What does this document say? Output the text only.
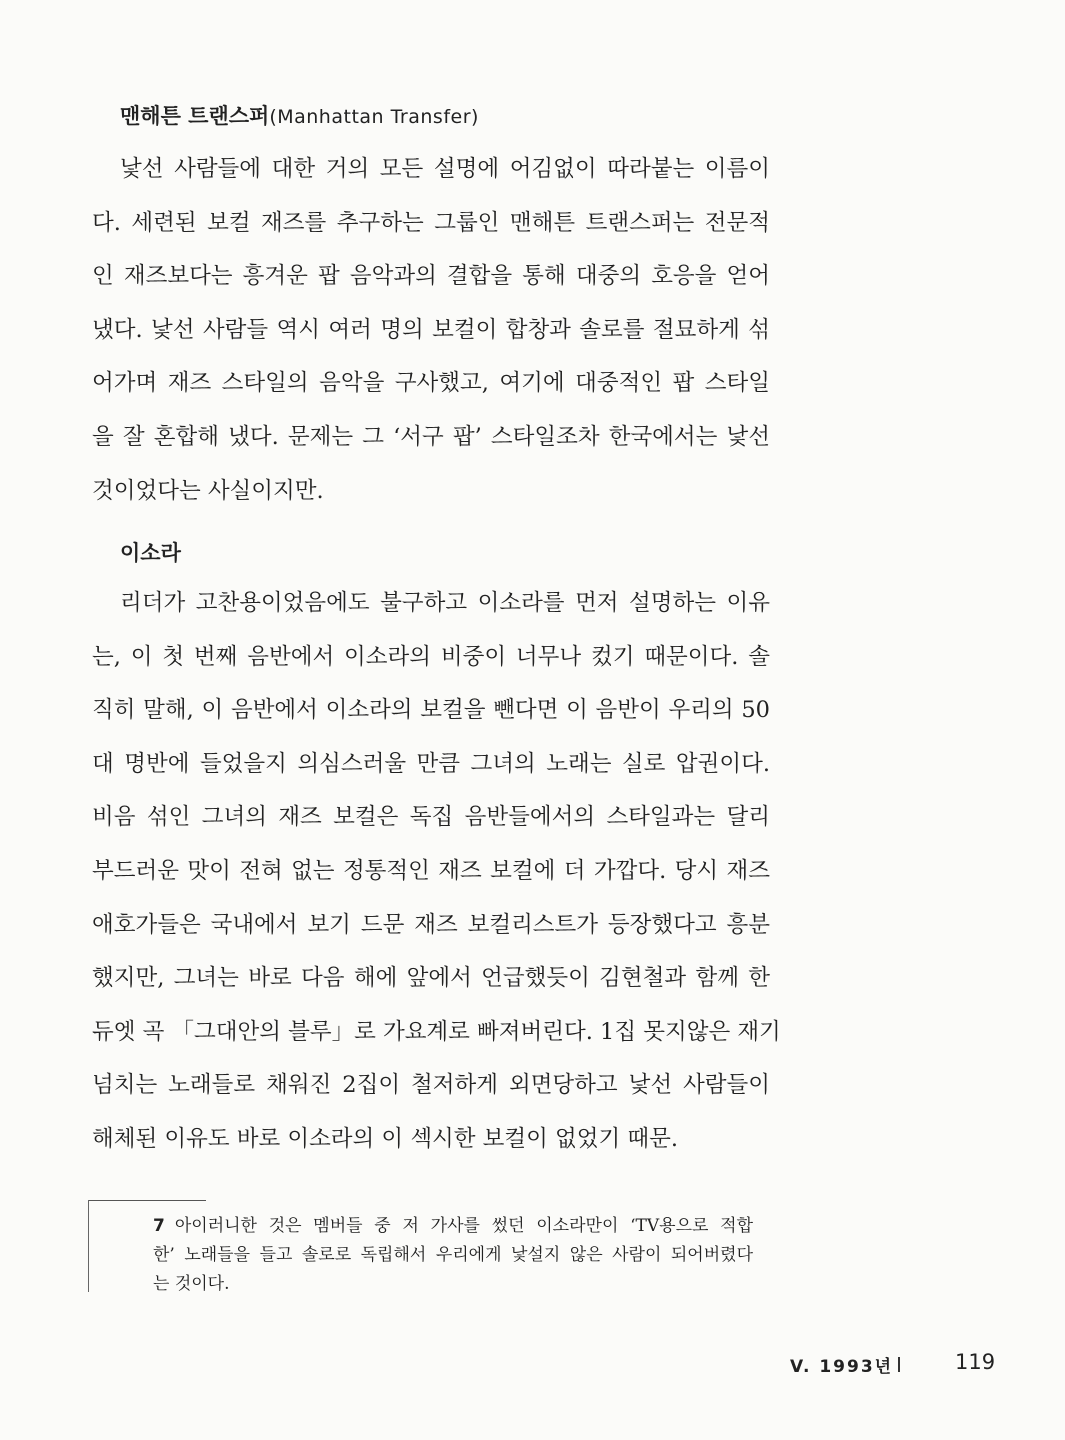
맨해튼 트랜스퍼(Manhattan Transfer)
낯선 사람들에 대한 거의 모든 설명에 어김없이 따라붙는 이름이
다. 세련된 보컬 재즈를 추구하는 그룹인 맨해튼 트랜스퍼는 전문적
인 재즈보다는 흥겨운 팝 음악과의 결합을 통해 대중의 호응을 얻어
냈다. 낯선 사람들 역시 여러 명의 보컬이 합창과 솔로를 절묘하게 섞
어가며 재즈 스타일의 음악을 구사했고, 여기에 대중적인 팝 스타일
을 잘 혼합해 냈다. 문제는 그 ‘서구 팝’ 스타일조차 한국에서는 낯선
것이었다는 사실이지만.
이소라
리더가 고찬용이었음에도 불구하고 이소라를 먼저 설명하는 이유
는, 이 첫 번째 음반에서 이소라의 비중이 너무나 컸기 때문이다. 솔
직히 말해, 이 음반에서 이소라의 보컬을 뺀다면 이 음반이 우리의 50
대 명반에 들었을지 의심스러울 만큼 그녀의 노래는 실로 압권이다.
비음 섞인 그녀의 재즈 보컬은 독집 음반들에서의 스타일과는 달리
부드러운 맛이 전혀 없는 정통적인 재즈 보컬에 더 가깝다. 당시 재즈
애호가들은 국내에서 보기 드문 재즈 보컬리스트가 등장했다고 흥분
했지만, 그녀는 바로 다음 해에 앞에서 언급했듯이 김현철과 함께 한
듀엣 곡 「그대안의 블루」로 가요계로 빠져버린다. 1집 못지않은 재기
넘치는 노래들로 채워진 2집이 철저하게 외면당하고 낯선 사람들이
해체된 이유도 바로 이소라의 이 섹시한 보컬이 없었기 때문.
7 아이러니한 것은 멤버들 중 저 가사를 썼던 이소라만이 ‘TV용으로 적합
한’ 노래들을 들고 솔로로 독립해서 우리에게 낯설지 않은 사람이 되어버렸다
는 것이다.
V. 1993년	119
